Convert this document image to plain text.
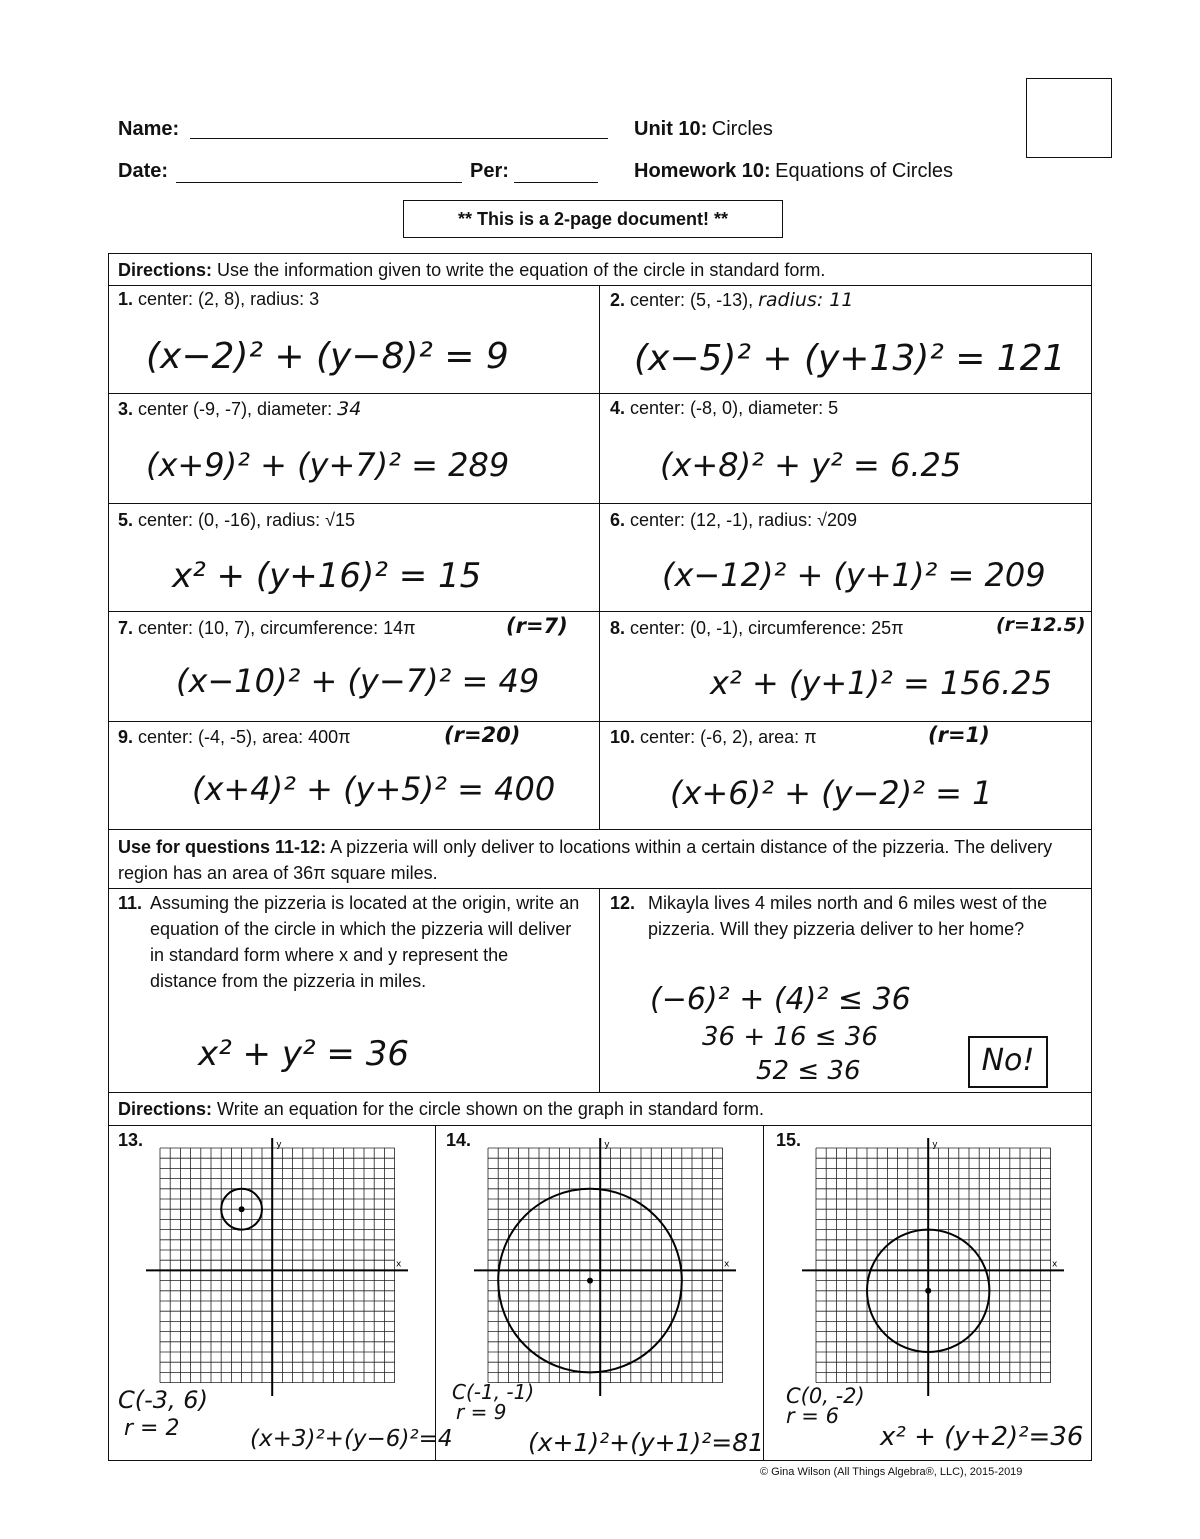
Name:
Date:	Per:
Unit 10: Circles
Homework 10: Equations of Circles
** This is a 2-page document! **
Directions: Use the information given to write the equation of the circle in standard form.
1. center: (2, 8), radius: 3
(x−2)² + (y−8)² = 9
2. center: (5, -13), radius: 11
(x−5)² + (y+13)² = 121
3. center (-9, -7), diameter: 34
(x+9)² + (y+7)² = 289
4. center: (-8, 0), diameter: 5
(x+8)² + y² = 6.25
5. center: (0, -16), radius: √15
x² + (y+16)² = 15
6. center: (12, -1), radius: √209
(x−12)² + (y+1)² = 209
7. center: (10, 7), circumference: 14π	(r=7)
(x−10)² + (y−7)² = 49
8. center: (0, -1), circumference: 25π	(r=12.5)
x² + (y+1)² = 156.25
9. center: (-4, -5), area: 400π	(r=20)
(x+4)² + (y+5)² = 400
10. center: (-6, 2), area: π	(r=1)
(x+6)² + (y−2)² = 1
Use for questions 11-12: A pizzeria will only deliver to locations within a certain distance of the pizzeria. The delivery region has an area of 36π square miles.
11. Assuming the pizzeria is located at the origin, write an equation of the circle in which the pizzeria will deliver in standard form where x and y represent the distance from the pizzeria in miles.
x² + y² = 36
12. Mikayla lives 4 miles north and 6 miles west of the pizzeria. Will they pizzeria deliver to her home?
(−6)² + (4)² ≤ 36
36 + 16 ≤ 36
52 ≤ 36	No!
Directions: Write an equation for the circle shown on the graph in standard form.
13.	14.	15.
x
y
x
y
x
y
C(-3, 6)
r = 2	(x+3)²+(y−6)²=4
C(-1, -1)
r = 9
(x+1)²+(y+1)²=81
C(0, -2)
r = 6
x² + (y+2)²=36
© Gina Wilson (All Things Algebra®, LLC), 2015-2019
